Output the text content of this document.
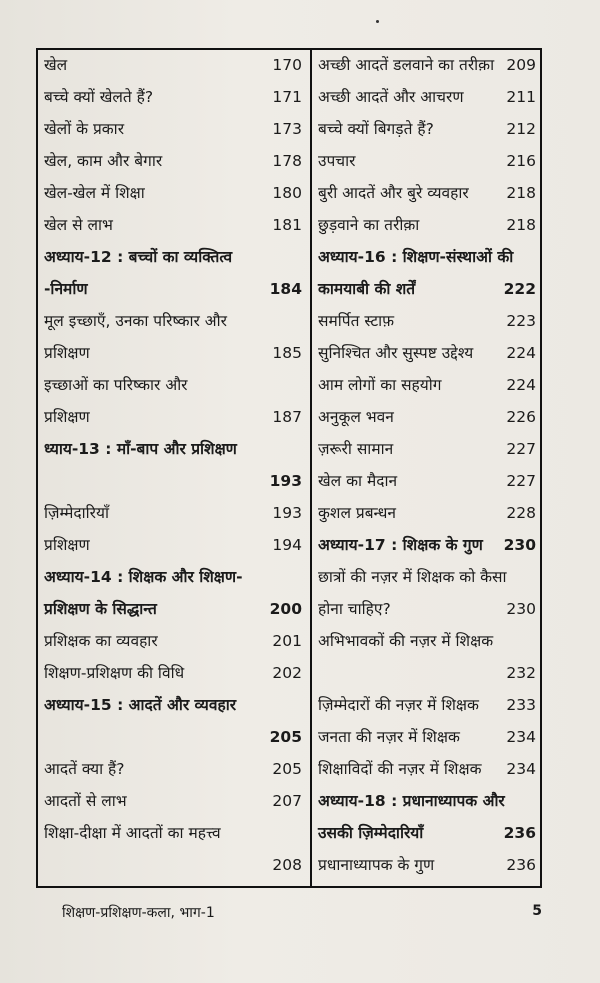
खेल	170
बच्चे क्यों खेलते हैं?	171
खेलों के प्रकार	173
खेल, काम और बेगार	178
खेल-खेल में शिक्षा	180
खेल से लाभ	181
अध्याय-12 : बच्चों का व्यक्तित्व
-निर्माण	184
मूल इच्छाएँ, उनका परिष्कार और
प्रशिक्षण	185
इच्छाओं का परिष्कार और
प्रशिक्षण	187
ध्याय-13 : माँ-बाप और प्रशिक्षण
193
ज़िम्मेदारियाँ	193
प्रशिक्षण	194
अध्याय-14 : शिक्षक और शिक्षण-
प्रशिक्षण के सिद्धान्त	200
प्रशिक्षक का व्यवहार	201
शिक्षण-प्रशिक्षण की विधि	202
अध्याय-15 : आदतें और व्यवहार
205
आदतें क्या हैं?	205
आदतों से लाभ	207
शिक्षा-दीक्षा में आदतों का महत्त्व
208
अच्छी आदतें डलवाने का तरीक़ा 209
अच्छी आदतें और आचरण	211
बच्चे क्यों बिगड़ते हैं?	212
उपचार	216
बुरी आदतें और बुरे व्यवहार 218
छुड़वाने का तरीक़ा	218
अध्याय-16 : शिक्षण-संस्थाओं की
कामयाबी की शर्तें	222
समर्पित स्टाफ़	223
सुनिश्चित और सुस्पष्ट उद्देश्य 224
आम लोगों का सहयोग	224
अनुकूल भवन	226
ज़रूरी सामान	227
खेल का मैदान	227
कुशल प्रबन्धन	228
अध्याय-17 : शिक्षक के गुण 230
छात्रों की नज़र में शिक्षक को कैसा
होना चाहिए?	230
अभिभावकों की नज़र में शिक्षक
232
ज़िम्मेदारों की नज़र में शिक्षक 233
जनता की नज़र में शिक्षक	234
शिक्षाविदों की नज़र में शिक्षक 234
अध्याय-18 : प्रधानाध्यापक और
उसकी ज़िम्मेदारियाँ	236
प्रधानाध्यापक के गुण	236
शिक्षण-प्रशिक्षण-कला, भाग-1	5
